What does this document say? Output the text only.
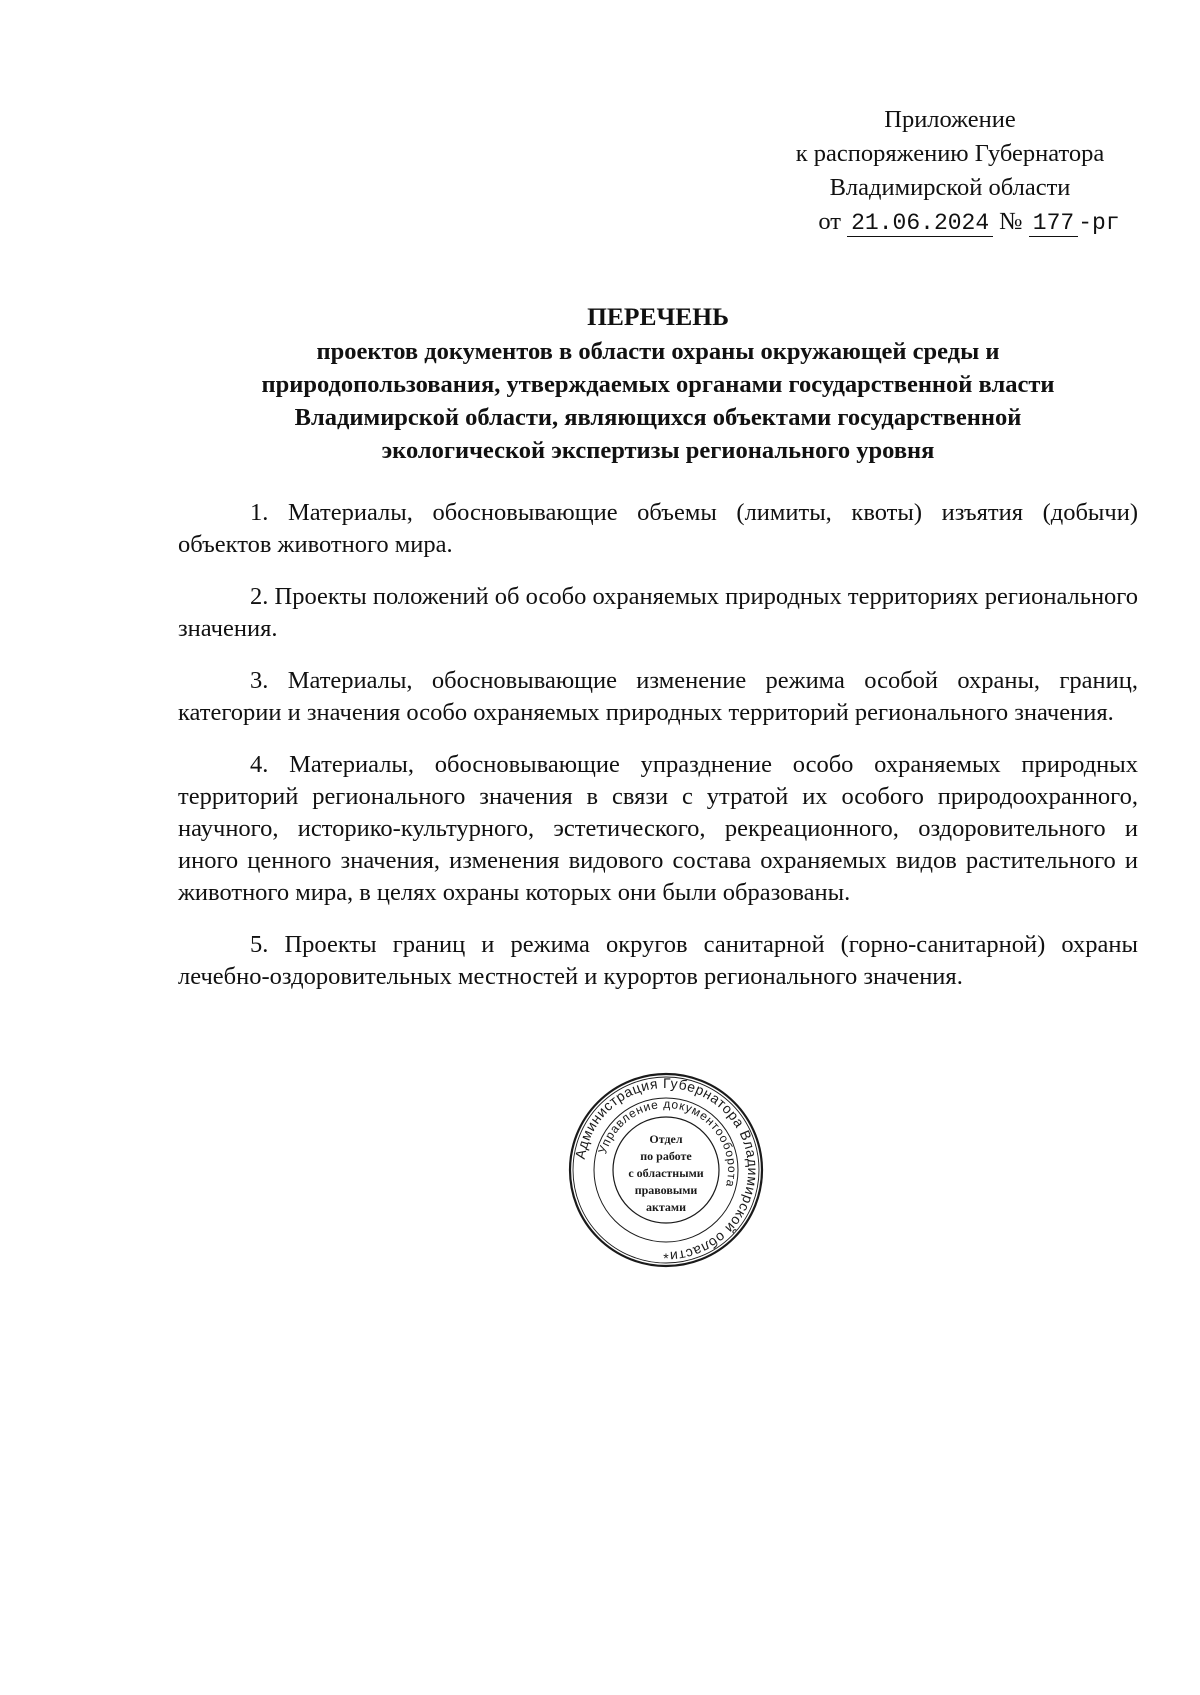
Приложение
к распоряжению Губернатора
Владимирской области
от 21.06.2024 № 177 -рг
ПЕРЕЧЕНЬ
проектов документов в области охраны окружающей среды и
природопользования, утверждаемых органами государственной власти
Владимирской области, являющихся объектами государственной
экологической экспертизы регионального уровня

1. Материалы, обосновывающие объемы (лимиты, квоты) изъятия (добычи) объектов животного мира.

2. Проекты положений об особо охраняемых природных территориях регионального значения.

3. Материалы, обосновывающие изменение режима особой охраны, границ, категории и значения особо охраняемых природных территорий регионального значения.

4. Материалы, обосновывающие упразднение особо охраняемых природных территорий регионального значения в связи с утратой их особого природоохранного, научного, историко-культурного, эстетического, рекреационного, оздоровительного и иного ценного значения, изменения видового состава охраняемых видов растительного и животного мира, в целях охраны которых они были образованы.

5. Проекты границ и режима округов санитарной (горно-санитарной) охраны лечебно-оздоровительных местностей и курортов регионального значения.

Администрация Губернатора Владимирской области
Управление документооборота
Отдел
по работе
с областными
правовыми
актами
*
